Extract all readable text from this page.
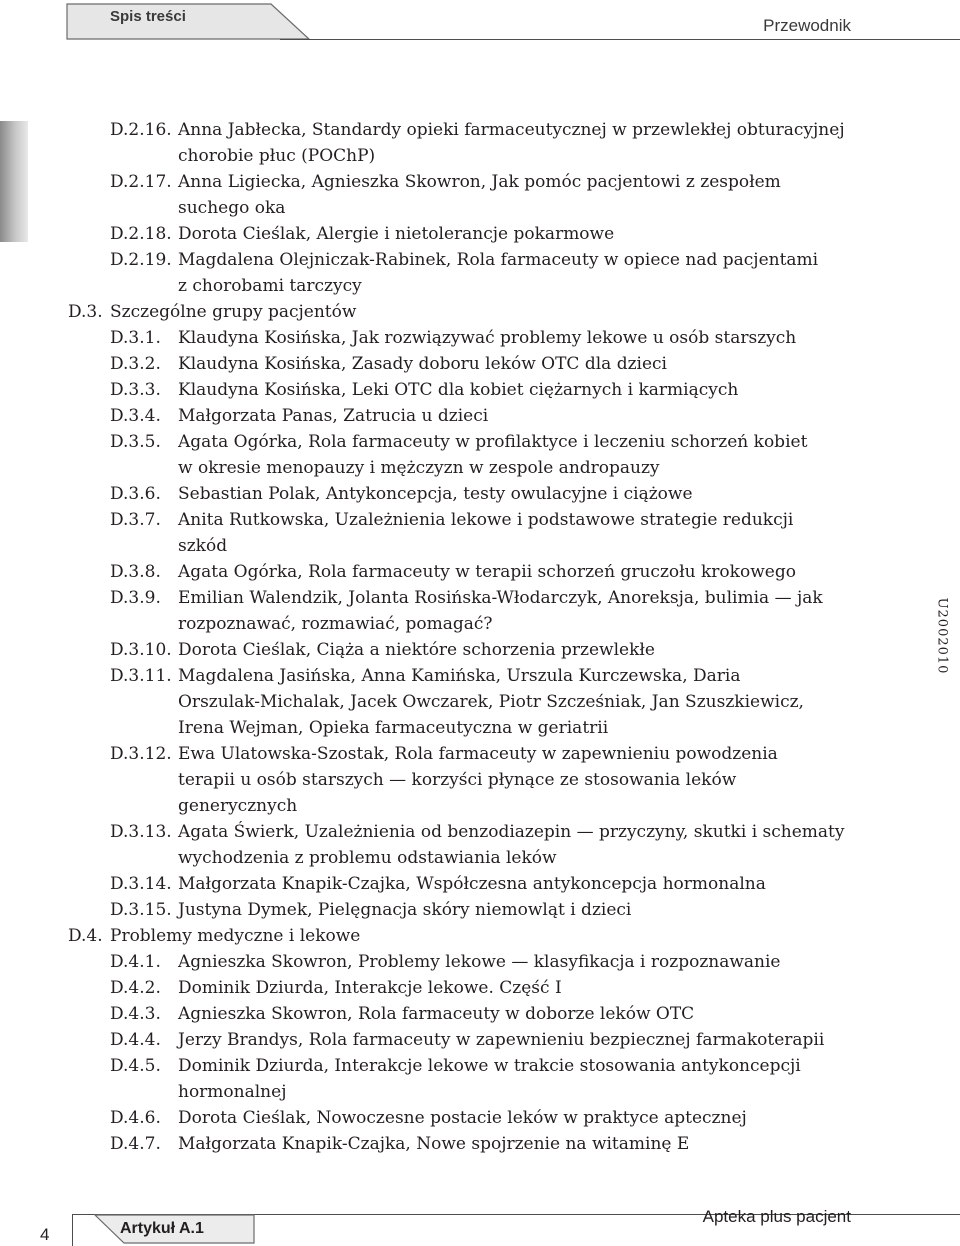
Spis treści	Przewodnik
U2002010
D.2.16. Anna Jabłecka, Standardy opieki farmaceutycznej w przewlekłej obturacyjnej
chorobie płuc (POChP)
D.2.17. Anna Ligiecka, Agnieszka Skowron, Jak pomóc pacjentowi z zespołem
suchego oka
D.2.18. Dorota Cieślak, Alergie i nietolerancje pokarmowe
D.2.19. Magdalena Olejniczak-Rabinek, Rola farmaceuty w opiece nad pacjentami
z chorobami tarczycy
D.3. Szczególne grupy pacjentów
D.3.1. Klaudyna Kosińska, Jak rozwiązywać problemy lekowe u osób starszych
D.3.2. Klaudyna Kosińska, Zasady doboru leków OTC dla dzieci
D.3.3. Klaudyna Kosińska, Leki OTC dla kobiet ciężarnych i karmiących
D.3.4. Małgorzata Panas, Zatrucia u dzieci
D.3.5. Agata Ogórka, Rola farmaceuty w profilaktyce i leczeniu schorzeń kobiet
w okresie menopauzy i mężczyzn w zespole andropauzy
D.3.6. Sebastian Polak, Antykoncepcja, testy owulacyjne i ciążowe
D.3.7. Anita Rutkowska, Uzależnienia lekowe i podstawowe strategie redukcji
szkód
D.3.8. Agata Ogórka, Rola farmaceuty w terapii schorzeń gruczołu krokowego
D.3.9. Emilian Walendzik, Jolanta Rosińska-Włodarczyk, Anoreksja, bulimia — jak
rozpoznawać, rozmawiać, pomagać?
D.3.10. Dorota Cieślak, Ciąża a niektóre schorzenia przewlekłe
D.3.11. Magdalena Jasińska, Anna Kamińska, Urszula Kurczewska, Daria
Orszulak-Michalak, Jacek Owczarek, Piotr Szcześniak, Jan Szuszkiewicz,
Irena Wejman, Opieka farmaceutyczna w geriatrii
D.3.12. Ewa Ulatowska-Szostak, Rola farmaceuty w zapewnieniu powodzenia
terapii u osób starszych — korzyści płynące ze stosowania leków
generycznych
D.3.13. Agata Świerk, Uzależnienia od benzodiazepin — przyczyny, skutki i schematy
wychodzenia z problemu odstawiania leków
D.3.14. Małgorzata Knapik-Czajka, Współczesna antykoncepcja hormonalna
D.3.15. Justyna Dymek, Pielęgnacja skóry niemowląt i dzieci
D.4. Problemy medyczne i lekowe
D.4.1. Agnieszka Skowron, Problemy lekowe — klasyfikacja i rozpoznawanie
D.4.2. Dominik Dziurda, Interakcje lekowe. Część I
D.4.3. Agnieszka Skowron, Rola farmaceuty w doborze leków OTC
D.4.4. Jerzy Brandys, Rola farmaceuty w zapewnieniu bezpiecznej farmakoterapii
D.4.5. Dominik Dziurda, Interakcje lekowe w trakcie stosowania antykoncepcji
hormonalnej
D.4.6. Dorota Cieślak, Nowoczesne postacie leków w praktyce aptecznej
D.4.7. Małgorzata Knapik-Czajka, Nowe spojrzenie na witaminę E
4	Artykuł A.1
Apteka plus pacjent
